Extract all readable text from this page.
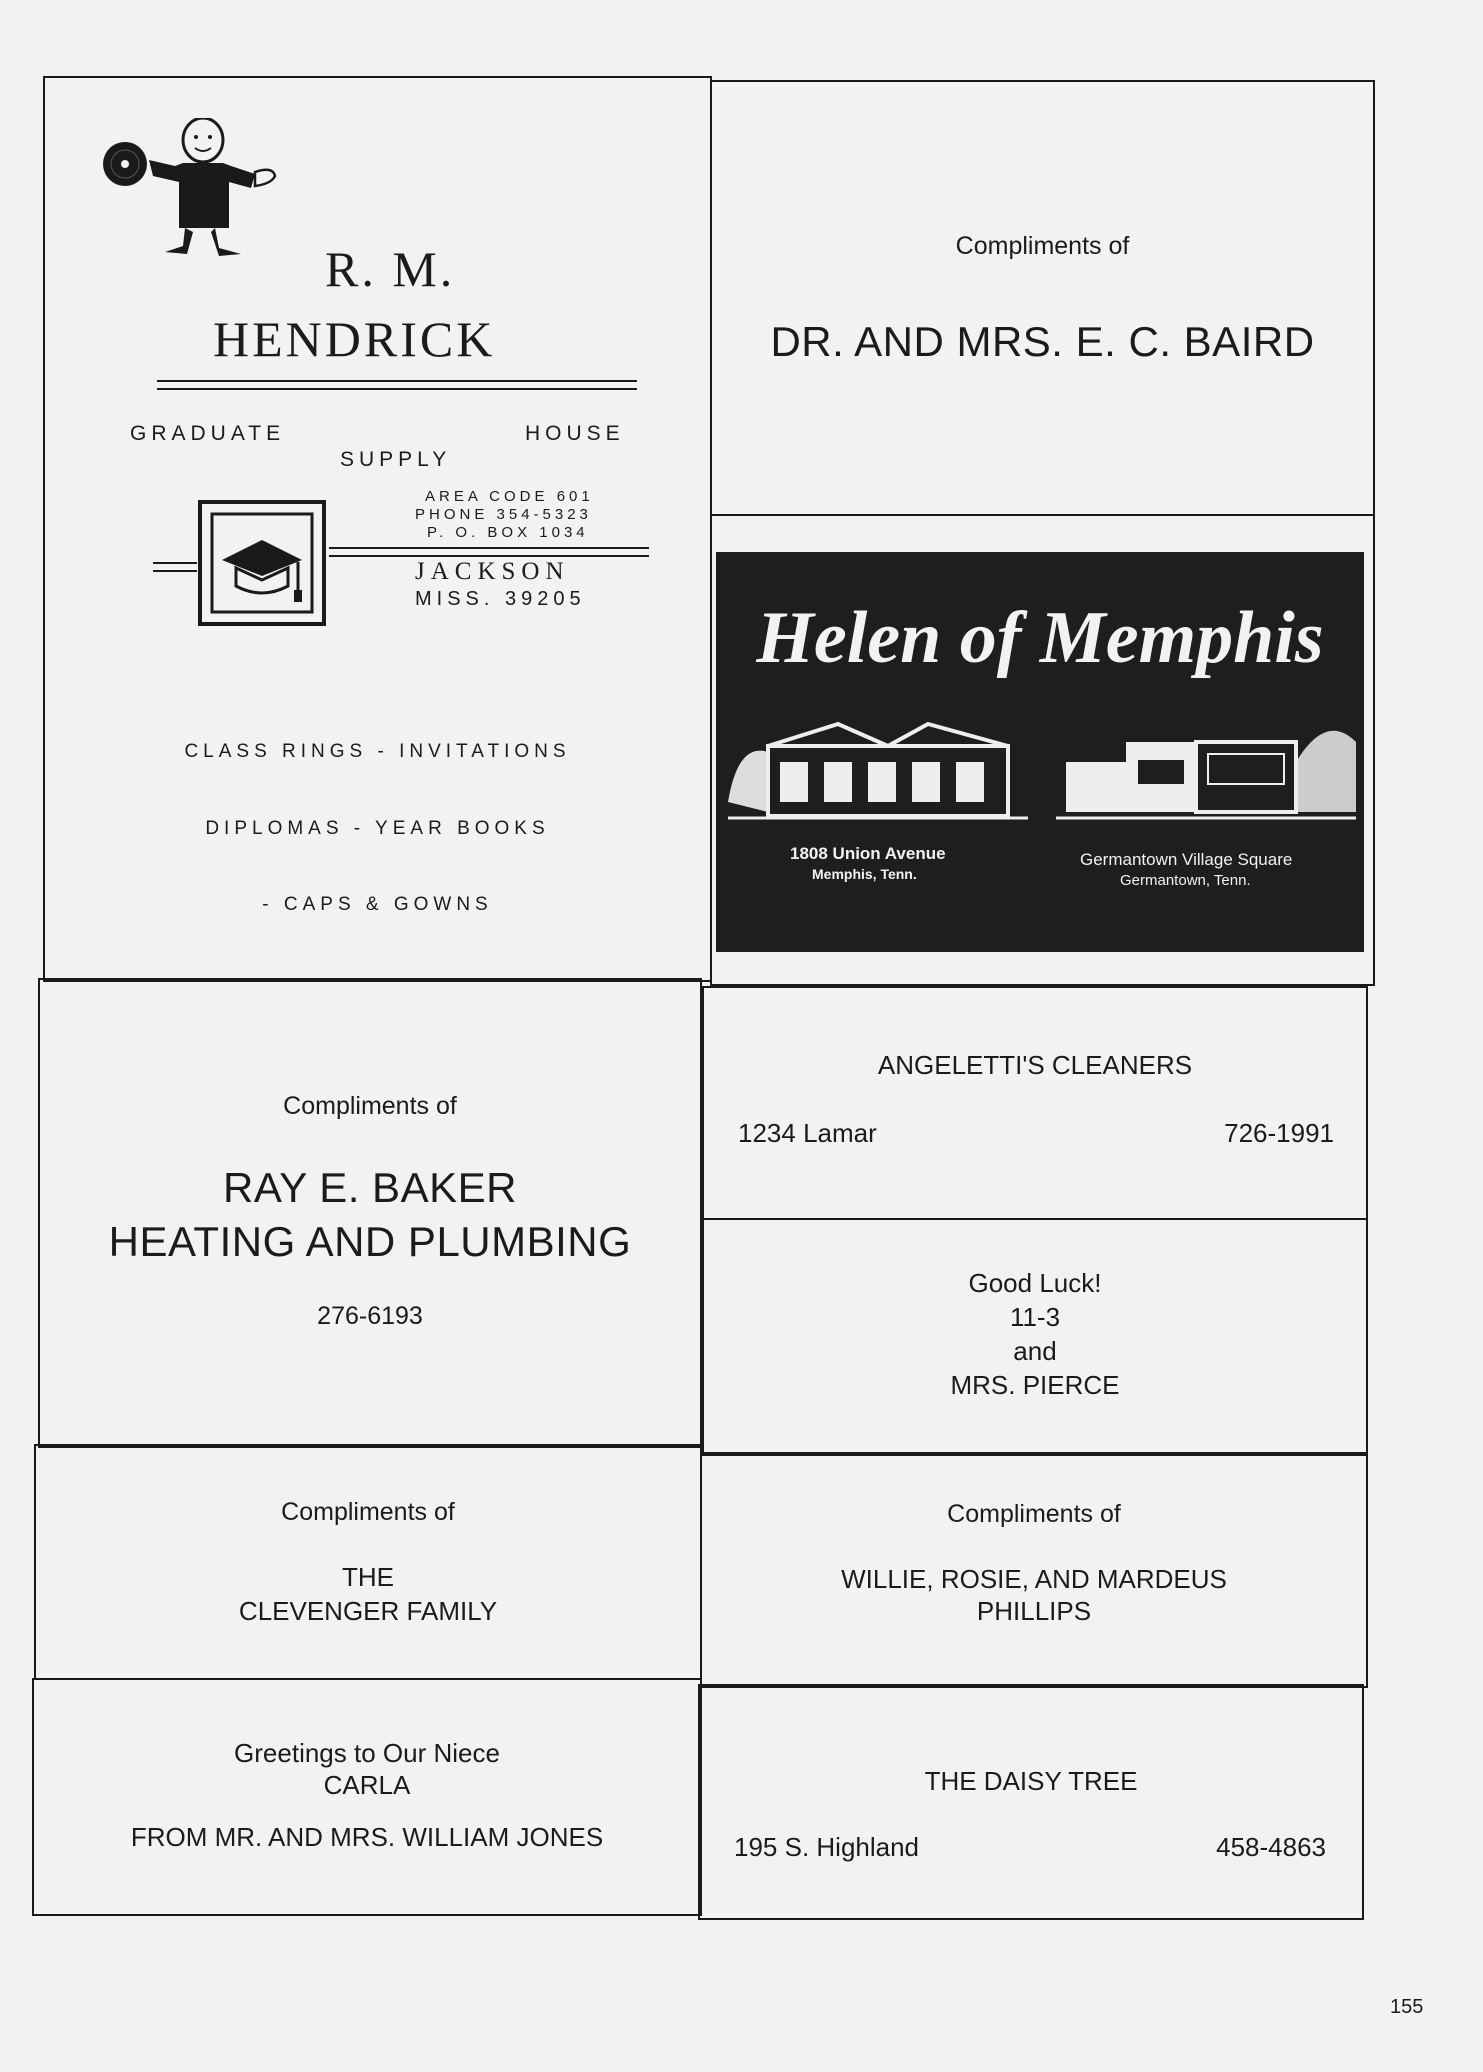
R. M.
HENDRICK
GRADUATE
SUPPLY
HOUSE
AREA CODE 601
PHONE 354-5323
P. O. BOX 1034
JACKSON
MISS. 39205
CLASS RINGS - INVITATIONS
DIPLOMAS - YEAR BOOKS
- CAPS & GOWNS
Compliments of
DR. AND MRS. E. C. BAIRD
Helen of Memphis
1808 Union Avenue
Memphis, Tenn.
Germantown Village Square
Germantown, Tenn.
Compliments of
RAY E. BAKER
HEATING AND PLUMBING
276-6193
ANGELETTI'S CLEANERS
1234 Lamar	726-1991
Good Luck!
11-3
and
MRS. PIERCE
Compliments of
THE
CLEVENGER FAMILY
Compliments of
WILLIE, ROSIE, AND MARDEUS
PHILLIPS
Greetings to Our Niece
CARLA
FROM MR. AND MRS. WILLIAM JONES
THE DAISY TREE
195 S. Highland	458-4863
155
